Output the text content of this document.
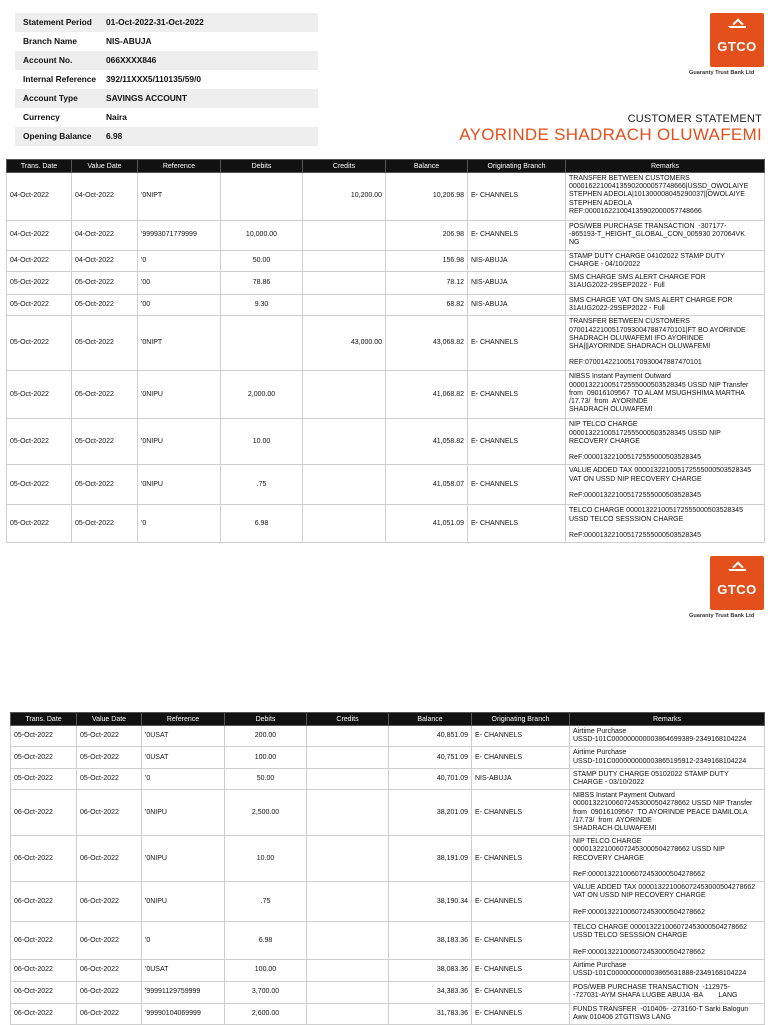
Statement Period	01-Oct-2022-31-Oct-2022
Branch Name	NIS-ABUJA
Account No.	066XXXX846
Internal Reference	392/11XXX5/110135/59/0
Account Type	SAVINGS ACCOUNT
Currency	Naira
Opening Balance	6.98
GTCO
Guaranty Trust Bank Ltd
CUSTOMER STATEMENT
AYORINDE SHADRACH OLUWAFEMI
Trans. Date	Value Date	Reference	Debits	Credits	Balance	Originating Branch	Remarks
04-Oct-2022	04-Oct-2022	'0NIPT		10,200.00	10,206.98	E- CHANNELS	TRANSFER BETWEEN CUSTOMERS
000016221004135902000057748666|USSD_OWOLAIYE
STEPHEN ADEOLA|101300008045290037||OWOLAIYE
STEPHEN ADEOLA
REF:000016221004135902000057748666

04-Oct-2022	04-Oct-2022	'99993071779999	10,000.00		206.98	E- CHANNELS	POS/WEB PURCHASE TRANSACTION  -307177-
-865193-T_HEIGHT_GLOBAL_CON_005930 207064VK
NG

04-Oct-2022	04-Oct-2022	'0	50.00		156.98	NIS-ABUJA	STAMP DUTY CHARGE 04102022 STAMP DUTY
CHARGE - 04/10/2022

05-Oct-2022	05-Oct-2022	'00	78.86		78.12	NIS-ABUJA	SMS CHARGE SMS ALERT CHARGE FOR
31AUG2022-29SEP2022 - Full

05-Oct-2022	05-Oct-2022	'00	9.30		68.82	NIS-ABUJA	SMS CHARGE VAT ON SMS ALERT CHARGE FOR
31AUG2022-29SEP2022 - Full

05-Oct-2022	05-Oct-2022	'0NIPT		43,000.00	43,068.82	E- CHANNELS	TRANSFER BETWEEN CUSTOMERS
070014221005170930047887470101|FT BO AYORINDE
SHADRACH OLUWAFEMI IFO AYORINDE
SHA|||AYORINDE SHADRACH OLUWAFEMI

REF:070014221005170930047887470101

05-Oct-2022	05-Oct-2022	'0NIPU	2,000.00		41,068.82	E- CHANNELS	NIBSS Instant Payment Outward
000013221005172555000503528345 USSD NIP Transfer
from  09016109567  TO ALAM MSUGHSHIMA MARTHA
/17.73/  from  AYORINDE
SHADRACH OLUWAFEMI

05-Oct-2022	05-Oct-2022	'0NIPU	10.00		41,058.82	E- CHANNELS	NIP TELCO CHARGE
000013221005172555000503528345 USSD NIP
RECOVERY CHARGE

ReF:000013221005172555000503528345

05-Oct-2022	05-Oct-2022	'0NIPU	.75		41,058.07	E- CHANNELS	VALUE ADDED TAX 000013221005172555000503528345
VAT ON USSD NIP RECOVERY CHARGE

ReF:000013221005172555000503528345

05-Oct-2022	05-Oct-2022	'0	6.98		41,051.09	E- CHANNELS	TELCO CHARGE 000013221005172555000503528345
USSD TELCO SESSSION CHARGE

ReF:000013221005172555000503528345
GTCO
Guaranty Trust Bank Ltd
Trans. Date	Value Date	Reference	Debits	Credits	Balance	Originating Branch	Remarks
05-Oct-2022	05-Oct-2022	'0USAT	200.00		40,851.09	E- CHANNELS	Airtime Purchase
USSD-101C000000000003864699389-2349168104224

05-Oct-2022	05-Oct-2022	'0USAT	100.00		40,751.09	E- CHANNELS	Airtime Purchase
USSD-101C000000000003865195912-2349168104224

05-Oct-2022	05-Oct-2022	'0	50.00		40,701.09	NIS-ABUJA	STAMP DUTY CHARGE 05102022 STAMP DUTY
CHARGE - 03/10/2022

06-Oct-2022	06-Oct-2022	'0NIPU	2,500.00		38,201.09	E- CHANNELS	NIBSS Instant Payment Outward
000013221006072453000504278662 USSD NIP Transfer
from  09016109567  TO AYORINDE PEACE DAMILOLA
/17.73/  from  AYORINDE
SHADRACH OLUWAFEMI

06-Oct-2022	06-Oct-2022	'0NIPU	10.00		38,191.09	E- CHANNELS	NIP TELCO CHARGE
000013221006072453000504278662 USSD NIP
RECOVERY CHARGE

ReF:000013221006072453000504278662

06-Oct-2022	06-Oct-2022	'0NIPU	.75		38,190.34	E- CHANNELS	VALUE ADDED TAX 000013221006072453000504278662
VAT ON USSD NIP RECOVERY CHARGE

ReF:000013221006072453000504278662

06-Oct-2022	06-Oct-2022	'0	6.98		38,183.36	E- CHANNELS	TELCO CHARGE 000013221006072453000504278662
USSD TELCO SESSSION CHARGE

ReF:000013221006072453000504278662

06-Oct-2022	06-Oct-2022	'0USAT	100.00		38,083.36	E- CHANNELS	Airtime Purchase
USSD-101C000000000003865631888-2349168104224

06-Oct-2022	06-Oct-2022	'99991129759999	3,700.00		34,383.36	E- CHANNELS	POS/WEB PURCHASE TRANSACTION  -112975-
-727031-AYM SHAFA LUGBE ABUJA -BA        LANG

06-Oct-2022	06-Oct-2022	'99990104069999	2,600.00		31,783.36	E- CHANNELS	FUNDS TRANSFER  -010406- -273160-T Sarki Balogun
Aww 010406 2TGTISW3 LANG
